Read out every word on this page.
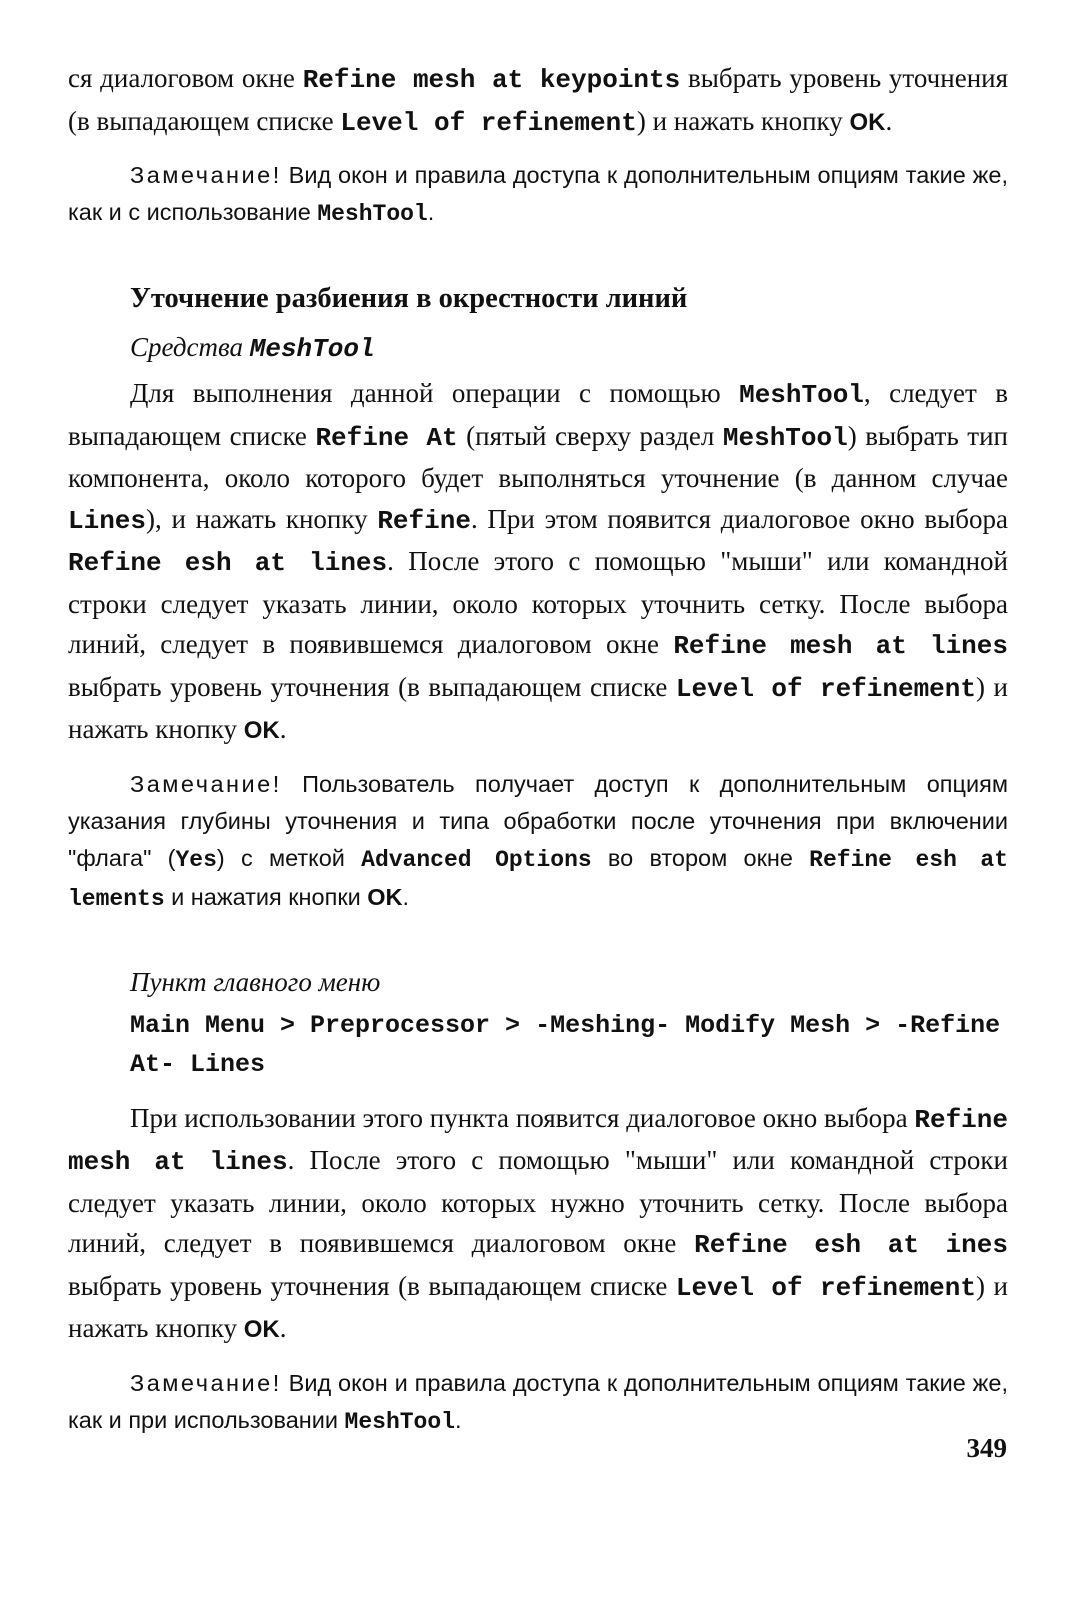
ся диалоговом окне Refine mesh at keypoints выбрать уровень уточнения (в выпадающем списке Level of refinement) и нажать кнопку OK.

Замечание! Вид окон и правила доступа к дополнительным опциям такие же, как и с использование MeshTool.

Уточнение разбиения в окрестности линий

Средства MeshTool

Для выполнения данной операции с помощью MeshTool, следует в выпадающем списке Refine At (пятый сверху раздел MeshTool) выбрать тип компонента, около которого будет выполняться уточнение (в данном случае Lines), и нажать кнопку Refine. При этом появится диалоговое окно выбора Refine esh at lines. После этого с помощью "мыши" или командной строки следует указать линии, около которых уточнить сетку. После выбора линий, следует в появившемся диалоговом окне Refine mesh at lines выбрать уровень уточнения (в выпадающем списке Level of refinement) и нажать кнопку OK.

Замечание! Пользователь получает доступ к дополнительным опциям указания глубины уточнения и типа обработки после уточнения при включении "флага" (Yes) с меткой Advanced Options во втором окне Refine esh at lements и нажатия кнопки OK.

Пункт главного меню

Main Menu > Preprocessor > -Meshing- Modify Mesh > -Refine At- Lines

При использовании этого пункта появится диалоговое окно выбора Refine mesh at lines. После этого с помощью "мыши" или командной строки следует указать линии, около которых нужно уточнить сетку. После выбора линий, следует в появившемся диалоговом окне Refine esh at ines выбрать уровень уточнения (в выпадающем списке Level of refinement) и нажать кнопку OK.

Замечание! Вид окон и правила доступа к дополнительным опциям такие же, как и при использовании MeshTool.

349
